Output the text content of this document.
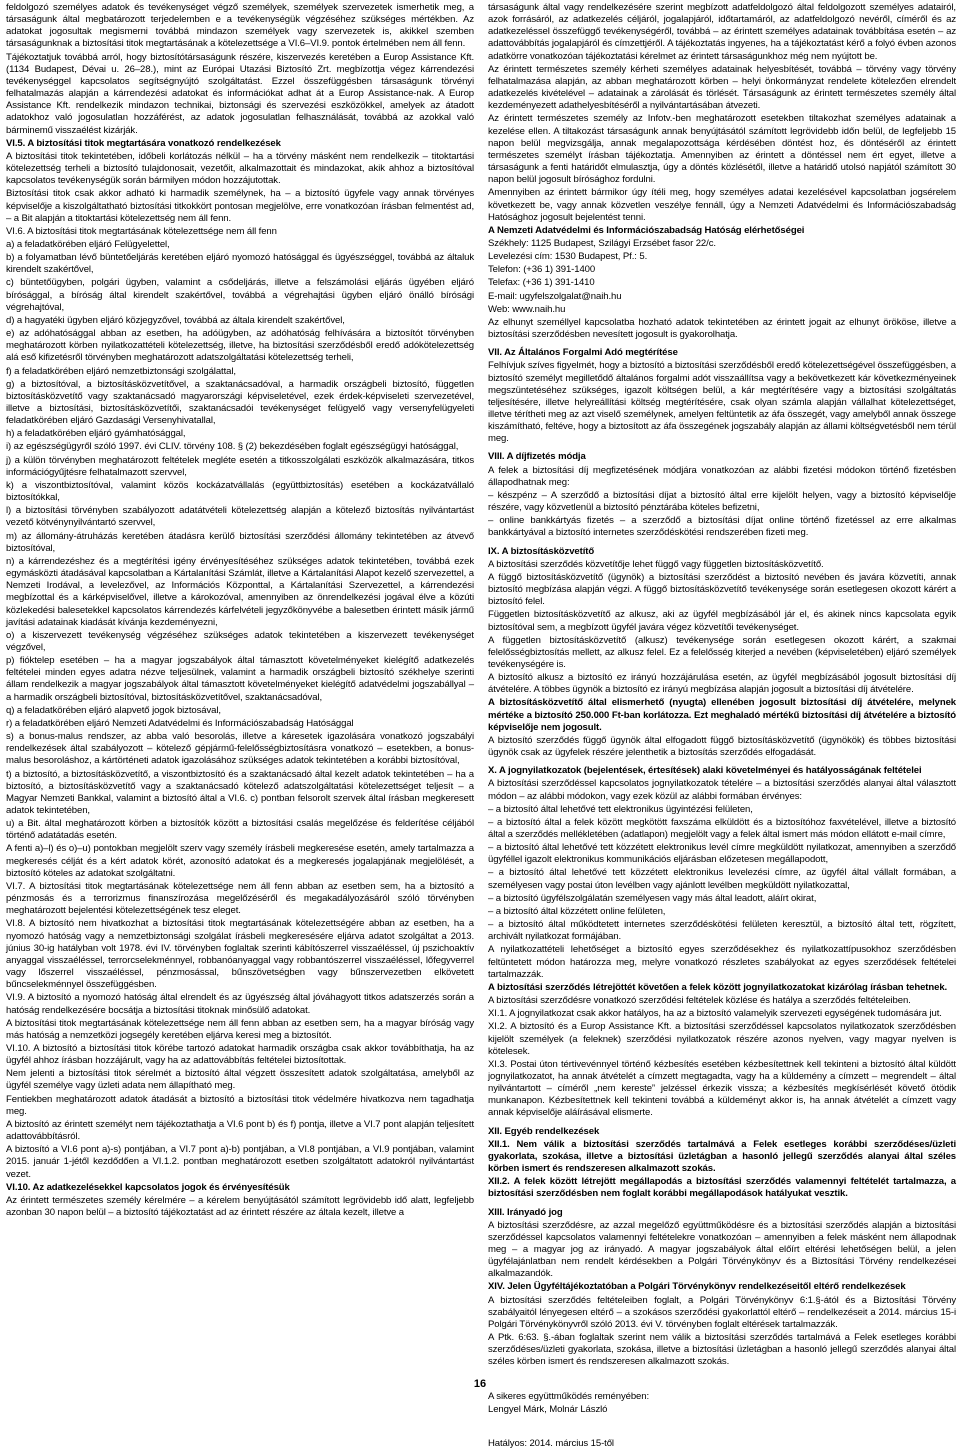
feldolgozó személyes adatok és tevékenységet végző személyek, személyek szervezetek ismerhetik meg, a társaságunk által megbatározott terjedelemben e a tevékenységük végzéséhez szükséges mértékben. Az adatokat jogosultak megismerni továbbá mindazon személyek vagy szervezetek is, akikkel szemben társaságunknak a biztosítási titok megtartásának a kötelezettsége a VI.6–VI.9. pontok értelmében nem áll fenn.

Tájékoztatjuk továbbá arról, hogy biztosítótársaságunk részére, kiszervezés keretében a Europ Assistance Kft. (1134 Budapest, Dévai u. 26–28.), mint az Európai Utazási Biztosító Zrt. megbízottja végez kárrendezési tevékenységgel kapcsolatos segítségnyújtó szolgáltatást. Ezzel összefüggésben társaságunk törvényi felhatalmazás alapján a kárrendezési adatokat és információkat adhat át a Europ Assistance-nak. A Europ Assistance Kft. rendelkezik mindazon technikai, biztonsági és szervezési eszközökkel, amelyek az átadott adatokhoz való jogosulatlan hozzáférést, az adatok jogosulatlan felhasználását, továbbá az azokkal való bárminemű visszaélést kizárják.

VI.5. A biztosítási titok megtartására vonatkozó rendelkezések

A biztosítási titok tekintetében, időbeli korlátozás nélkül – ha a törvény másként nem rendelkezik – titoktartási kötelezettség terheli a biztosító tulajdonosait, vezetőit, alkalmazottait és mindazokat, akik ahhoz a biztosítóval kapcsolatos tevékenységük során bármilyen módon hozzájutottak.

Biztosítási titok csak akkor adható ki harmadik személynek, ha – a biztosító ügyfele vagy annak törvényes képviselője a kiszolgáltatható biztosítási titkokkört pontosan megjelölve, erre vonatkozóan írásban felmentést ad, – a Bit alapján a titoktartási kötelezettség nem áll fenn.

VI.6. A biztosítási titok megtartásának kötelezettsége nem áll fenn

a) a feladatkörében eljáró Felügyelettel,

b) a folyamatban lévő büntetőeljárás keretében eljáró nyomozó hatósággal és ügyészséggel, továbbá az általuk kirendelt szakértővel,

c) büntetőügyben, polgári ügyben, valamint a csődeljárás, illetve a felszámolási eljárás ügyében eljáró bírósággal, a bíróság által kirendelt szakértővel, továbbá a végrehajtási ügyben eljáró önálló bírósági végrehajtóval,

d) a hagyatéki ügyben eljáró közjegyzővel, továbbá az általa kirendelt szakértővel,

e) az adóhatósággal abban az esetben, ha adóügyben, az adóhatóság felhívására a biztosítót törvényben meghatározott körben nyilatkozattételi kötelezettség, illetve, ha biztosítási szerződésből eredő adókötelezettség alá eső kifizetésről törvényben meghatározott adatszolgáltatási kötelezettség terheli,

f) a feladatkörében eljáró nemzetbiztonsági szolgálattal,

g) a biztosítóval, a biztosításközvetítővel, a szaktanácsadóval, a harmadik országbeli biztosító, független biztosításközvetítő vagy szaktanácsadó magyarországi képviseletével, ezek érdek-képviseleti szervezetével, illetve a biztosítási, biztosításközvetítői, szaktanácsadói tevékenységet felügyelő vagy versenyfelügyeleti feladatkörében eljáró Gazdasági Versenyhivatallal,

h) a feladatkörében eljáró gyámhatósággal,

i) az egészségügyről szóló 1997. évi CLIV. törvény 108. § (2) bekezdésében foglalt egészségügyi hatósággal,

j) a külön törvényben meghatározott feltételek megléte esetén a titkosszolgálati eszközök alkalmazására, titkos információgyűjtésre felhatalmazott szervvel,

k) a viszontbiztosítóval, valamint közös kockázatvállalás (együttbiztosítás) esetében a kockázatvállaló biztosítókkal,

l) a biztosítási törvényben szabályozott adatátvételi kötelezettség alapján a kötelező biztosítás nyilvántartást vezető kötvénynyilvántartó szervvel,

m) az állomány-átruházás keretében átadásra kerülő biztosítási szerződési állomány tekintetében az átvevő biztosítóval,

n) a kárrendezéshez és a megtérítési igény érvényesítéséhez szükséges adatok tekintetében, továbbá ezek egymásközti átadásával kapcsolatban a Kártalanítási Számlát, illetve a Kártalanítási Alapot kezelő szervezettel, a Nemzeti Irodával, a levelezővel, az Információs Központtal, a Kártalanítási Szervezettel, a kárrendezési megbízottal és a kárképviselővel, illetve a károkozóval, amennyiben az önrendelkezési jogával élve a közúti közlekedési balesetekkel kapcsolatos kárrendezés kárfelvételi jegyzőkönyvébe a balesetben érintett másik jármű javítási adatainak kiadását kívánja kezdeményezni,

o) a kiszervezett tevékenység végzéséhez szükséges adatok tekintetében a kiszervezett tevékenységet végzővel,

p) fióktelep esetében – ha a magyar jogszabályok által támasztott követelményeket kielégítő adatkezelés feltételei minden egyes adatra nézve teljesülnek, valamint a harmadik országbeli biztosító székhelye szerinti állam rendelkezik a magyar jogszabályok által támasztott követelményeket kielégítő adatvédelmi jogszabállyal – a harmadik országbeli biztosítóval, biztosításközvetítővel, szaktanácsadóval,

q) a feladatkörében eljáró alapvető jogok biztosával,

r) a feladatkörében eljáró Nemzeti Adatvédelmi és Információszabadság Hatósággal

s) a bonus-malus rendszer, az abba való besorolás, illetve a káresetek igazolására vonatkozó jogszabályi rendelkezések által szabályozott – kötelező gépjármű-felelősségbiztosításra vonatkozó – esetekben, a bonus-malus besoroláshoz, a kártörténeti adatok igazolásához szükséges adatok tekintetében a korábbi biztosítóval,

t) a biztosító, a biztosításközvetítő, a viszontbiztosító és a szaktanácsadó által kezelt adatok tekintetében – ha a biztosító, a biztosításközvetítő vagy a szaktanácsadó kötelező adatszolgáltatási kötelezettséget teljesít – a Magyar Nemzeti Bankkal, valamint a biztosító által a VI.6. c) pontban felsorolt szervek által írásban megkeresett adatok tekintetében,

u) a Bit. által meghatározott körben a biztosítók között a biztosítási csalás megelőzése és felderítése céljából történő adatátadás esetén.

A fenti a)–l) és o)–u) pontokban megjelölt szerv vagy személy írásbeli megkeresése esetén, amely tartalmazza a megkeresés célját és a kért adatok körét, azonosító adatokat és a megkeresés jogalapjának megjelölését, a biztosító köteles az adatokat szolgáltatni.

VI.7. A biztosítási titok megtartásának kötelezettsége nem áll fenn abban az esetben sem, ha a biztosító a pénzmosás és a terrorizmus finanszírozása megelőzéséről és megakadályozásáról szóló törvényben meghatározott bejelentési kötelezettségének tesz eleget.

VI.8. A biztosító nem hivatkozhat a biztosítási titok megtartásának kötelezettségére abban az esetben, ha a nyomozó hatóság vagy a nemzetbiztonsági szolgálat írásbeli megkeresésére eljárva adatot szolgáltat a 2013. június 30-ig hatályban volt 1978. évi IV. törvényben foglaltak szerinti kábítószerrel visszaéléssel, új pszichoaktív anyaggal visszaéléssel, terrorcselekménnyel, robbanóanyaggal vagy robbantószerrel visszaéléssel, lőfegyverrel vagy lőszerrel visszaéléssel, pénzmosással, bűnszövetségben vagy bűnszervezetben elkövetett bűncselekménnyel összefüggésben.

VI.9. A biztosító a nyomozó hatóság által elrendelt és az ügyészség által jóváhagyott titkos adatszerzés során a hatóság rendelkezésére bocsátja a biztosítási titoknak minősülő adatokat.

A biztosítási titok megtartásának kötelezettsége nem áll fenn abban az esetben sem, ha a magyar bíróság vagy más hatóság a nemzetközi jogsegély keretében eljárva keresi meg a biztosítót.

VI.10. A biztosító a biztosítási titok körébe tartozó adatokat harmadik országba csak akkor továbbíthatja, ha az ügyfél ahhoz írásban hozzájárult, vagy ha az adattovábbítás feltételei biztosítottak.

Nem jelenti a biztosítási titok sérelmét a biztosító által végzett összesített adatok szolgáltatása, amelyből az ügyfél személye vagy üzleti adata nem állapítható meg.

Fentiekben meghatározott adatok átadását a biztosító a biztosítási titok védelmére hivatkozva nem tagadhatja meg.

A biztosító az érintett személyt nem tájékoztathatja a VI.6 pont b) és f) pontja, illetve a VI.7 pont alapján teljesített adattovábbításról.

A biztosító a VI.6 pont a)-s) pontjában, a VI.7 pont a)-b) pontjában, a VI.8 pontjában, a VI.9 pontjában, valamint 2015. január 1-jétől kezdődően a VI.1.2. pontban meghatározott esetben szolgáltatott adatokról nyilvántartást vezet.

VI.10. Az adatkezelésekkel kapcsolatos jogok és érvényesítésük

Az érintett természetes személy kérelmére – a kérelem benyújtásától számított legrövidebb idő alatt, legfeljebb azonban 30 napon belül – a biztosító tájékoztatást ad az érintett részére az általa kezelt, illetve a

társaságunk által vagy rendelkezésére szerint megbízott adatfeldolgozó által feldolgozott személyes adatairól, azok forrásáról, az adatkezelés céljáról, jogalapjáról, időtartamáról, az adatfeldolgozó nevéről, címéről és az adatkezeléssel összefüggő tevékenységéről, továbbá – az érintett személyes adatainak továbbítása esetén – az adattovábbítás jogalapjáról és címzettjéről. A tájékoztatás ingyenes, ha a tájékoztatást kérő a folyó évben azonos adatkörre vonatkozóan tájékoztatási kérelmet az érintett társaságunkhoz még nem nyújtott be.

Az érintett természetes személy kérheti személyes adatainak helyesbítését, továbbá – törvény vagy törvény felhatalmazása alapján, az abban meghatározott körben – helyi önkormányzat rendelete kötelezően elrendelt adatkezelés kivételével – adatainak a zárolását és törlését. Társaságunk az érintett természetes személy által kezdeményezett adathelyesbítéséről a nyilvántartásában átvezeti.

Az érintett természetes személy az Infotv.-ben meghatározott esetekben tiltakozhat személyes adatainak a kezelése ellen. A tiltakozást társaságunk annak benyújtásától számított legrövidebb időn belül, de legfeljebb 15 napon belül megvizsgálja, annak megalapozottsága kérdésében döntést hoz, és döntéséről az érintett természetes személyt írásban tájékoztatja. Amennyiben az érintett a döntéssel nem ért egyet, illetve a társaságunk a fenti határidőt elmulasztja, úgy a döntés közlésétől, illetve a határidő utolsó napjától számított 30 napon belül jogosult bírósághoz fordulni.

Amennyiben az érintett bármikor úgy ítéli meg, hogy személyes adatai kezelésével kapcsolatban jogsérelem következett be, vagy annak közvetlen veszélye fennáll, úgy a Nemzeti Adatvédelmi és Információszabadság Hatósághoz jogosult bejelentést tenni.

A Nemzeti Adatvédelmi és Információszabadság Hatóság elérhetőségei

Székhely: 1125 Budapest, Szilágyi Erzsébet fasor 22/c.

Levelezési cím: 1530 Budapest, Pf.: 5.

Telefon: (+36 1) 391-1400

Telefax: (+36 1) 391-1410

E-mail: ugyfelszolgalat@naih.hu

Web: www.naih.hu

Az elhunyt személlyel kapcsolatba hozható adatok tekintetében az érintett jogait az elhunyt örököse, illetve a biztosítási szerződésben nevesített jogosult is gyakorolhatja.

VII. Az Általános Forgalmi Adó megtérítése

Felhívjuk szíves figyelmét, hogy a biztosító a biztosítási szerződésből eredő kötelezettségével összefüggésben, a biztosító személyt megilletődő általános forgalmi adót visszaállítsa vagy a bekövetkezett kár következményeinek megszüntetéséhez szükséges, igazolt költségen belül, a kár megtérítésére vagy a biztosítási szolgáltatás teljesítésére, illetve helyreállítási költség megtérítésére, csak olyan számla alapján vállalhat kötelezettséget, illetve térítheti meg az azt viselő személynek, amelyen feltüntetik az áfa összegét, vagy amelyből annak összege kiszámítható, feltéve, hogy a biztosított az áfa összegének jogszabály alapján az állami költségvetésből nem térül meg.

VIII. A díjfizetés módja

A felek a biztosítási díj megfizetésének módjára vonatkozóan az alábbi fizetési módokon történő fizetésben állapodhatnak meg:

– készpénz – A szerződő a biztosítási díjat a biztosító által erre kijelölt helyen, vagy a biztosító képviselője részére, vagy közvetlenül a biztosító pénztárába köteles befizetni,

– online bankkártyás fizetés – a szerződő a biztosítási díjat online történő fizetéssel az erre alkalmas bankkártyával a biztosító internetes szerződéskötési rendszerében fizeti meg.

IX. A biztosításközvetítő

A biztosítási szerződés közvetítője lehet függő vagy független biztosításközvetítő.

A függő biztosításközvetítő (ügynök) a biztosítási szerződést a biztosító nevében és javára közvetíti, annak biztosító megbízása alapján végzi. A függő biztosításközvetítő tevékenysége során esetlegesen okozott kárért a biztosító felel.

Független biztosításközvetítő az alkusz, aki az ügyfél megbízásából jár el, és akinek nincs kapcsolata egyik biztosítóval sem, a megbízott ügyfél javára végez közvetítői tevékenységet.

A független biztosításközvetítő (alkusz) tevékenysége során esetlegesen okozott kárért, a szakmai felelősségbiztosítás mellett, az alkusz felel. Ez a felelősség kiterjed a nevében (képviseletében) eljáró személyek tevékenységére is.

A biztosító alkusz a biztosító ez irányú hozzájárulása esetén, az ügyfél megbízásából jogosult biztosítási díj átvételére. A többes ügynök a biztosító ez irányú megbízása alapján jogosult a biztosítási díj átvételére.

A biztosításközvetítő által elismerhető (nyugta) ellenében jogosult biztosítási díj átvételére, melynek mértéke a biztosító 250.000 Ft-ban korlátozza. Ezt meghaladó mértékű biztosítási díj átvételére a biztosító képviselője nem jogosult.

A biztosító szerződés függő ügynök által elfogadott függő biztosításközvetítő (ügynökök) és többes biztosítási ügynök csak az ügyfelek részére jelenthetik a biztosítás szerződés elfogadását.

X. A jognyilatkozatok (bejelentések, értesítések) alaki követelményei és hatályosságának feltételei

A biztosítási szerződéssel kapcsolatos jognyilatkozatok tételére – a biztosítási szerződés alanyai által választott módon – az alábbi módokon, vagy ezek közül az alábbi formában érvényes:

– a biztosító által lehetővé tett elektronikus ügyintézési felületen,

– a biztosító által a felek között megkötött faxszáma elküldött és a biztosítóhoz faxvételével, illetve a biztosító által a szerződés mellékletében (adatlapon) megjelölt vagy a felek által ismert más módon ellátott e-mail címre,

– a biztosító által lehetővé tett közzétett elektronikus levél címre megküldött nyilatkozat, amennyiben a szerződő ügyféllel igazolt elektronikus kommunikációs eljárásban előzetesen megállapodott,

– a biztosító által lehetővé tett közzétett elektronikus levelezési címre, az ügyfél által vállalt formában, a személyesen vagy postai úton levélben vagy ajánlott levélben megküldött nyilatkozattal,

– a biztosító ügyfélszolgálatán személyesen vagy más által leadott, aláírt okirat,

– a biztosító által közzétett online felületen,

– a biztosító által működtetett internetes szerződéskötési felületen keresztül, a biztosító által tett, rögzített, archivált nyilatkozat formájában.

A nyilatkozattételi lehetőséget a biztosító egyes szerződésekhez és nyilatkozattípusokhoz szerződésben feltüntetett módon határozza meg, melyre vonatkozó részletes szabályokat az egyes szerződések feltételei tartalmazzák.

A biztosítási szerződés létrejöttét követően a felek között jognyilatkozatokat kizárólag írásban tehetnek.

A biztosítási szerződésre vonatkozó szerződési feltételek közlése és hatálya a szerződés feltételeiben.

XI.1. A jognyilatkozat csak akkor hatályos, ha az a biztosító valamelyik szervezeti egységének tudomására jut.

XI.2. A biztosító és a Europ Assistance Kft. a biztosítási szerződéssel kapcsolatos nyilatkozatok szerződésben kijelölt személyek (a feleknek) szerződési nyilatkozatok részére azonos nyelven, vagy magyar nyelven is kötelesek.

XI.3. Postai úton tértivevénnyel történő kézbesítés esetében kézbesítettnek kell tekinteni a biztosító által küldött jognyilatkozatot, ha annak átvételét a címzett megtagadta, vagy ha a küldemény a címzett – megrendelt – által nyilvántartott – címéről „nem kereste” jelzéssel érkezik vissza; a kézbesítés megkísérlését követő ötödik munkanapon. Kézbesítettnek kell tekinteni továbbá a küldeményt akkor is, ha annak átvételét a címzett vagy annak képviselője aláírásával elismerte.

XII. Egyéb rendelkezések

XII.1. Nem válik a biztosítási szerződés tartalmává a Felek esetleges korábbi szerződéses/üzleti gyakorlata, szokása, illetve a biztosítási üzletágban a hasonló jellegű szerződés alanyai által széles körben ismert és rendszeresen alkalmazott szokás.

XII.2. A felek között létrejött megállapodás a biztosítási szerződés valamennyi feltételét tartalmazza, a biztosítási szerződésben nem foglalt korábbi megállapodások hatályukat vesztik.

XIII. Irányadó jog

A biztosítási szerződésre, az azzal megelőző együttműködésre és a biztosítási szerződés alapján a biztosítási szerződéssel kapcsolatos valamennyi feltételekre vonatkozóan – amennyiben a felek másként nem állapodnak meg – a magyar jog az irányadó. A magyar jogszabályok által előírt eltérési lehetőségen belül, a jelen ügyfélajánlatban nem rendelt kérdésekben a Polgári Törvénykönyv és a Biztosítási Törvény rendelkezései alkalmazandók.

XIV. Jelen Ügyféltájékoztatóban a Polgári Törvénykönyv rendelkezéseitől eltérő rendelkezések

A biztosítási szerződés feltételeiben foglalt, a Polgári Törvénykönyv 6:1.§-ától és a Biztosítási Törvény szabályaitól lényegesen eltérő – a szokásos szerződési gyakorlattól eltérő – rendelkezéseit a 2014. március 15-i Polgári Törvénykönyvről szóló 2013. évi V. törvényben foglalt eltérések tartalmazzák.

A Ptk. 6:63. §.-ában foglaltak szerint nem válik a biztosítási szerződés tartalmává a Felek esetleges korábbi szerződéses/üzleti gyakorlata, szokása, illetve a biztosítási üzletágban a hasonló jellegű szerződés alanyai által széles körben ismert és rendszeresen alkalmazott szokás.

A sikeres együttműködés reményében:

Lengyel Márk, Molnár László

Hatályos: 2014. március 15-től

16
